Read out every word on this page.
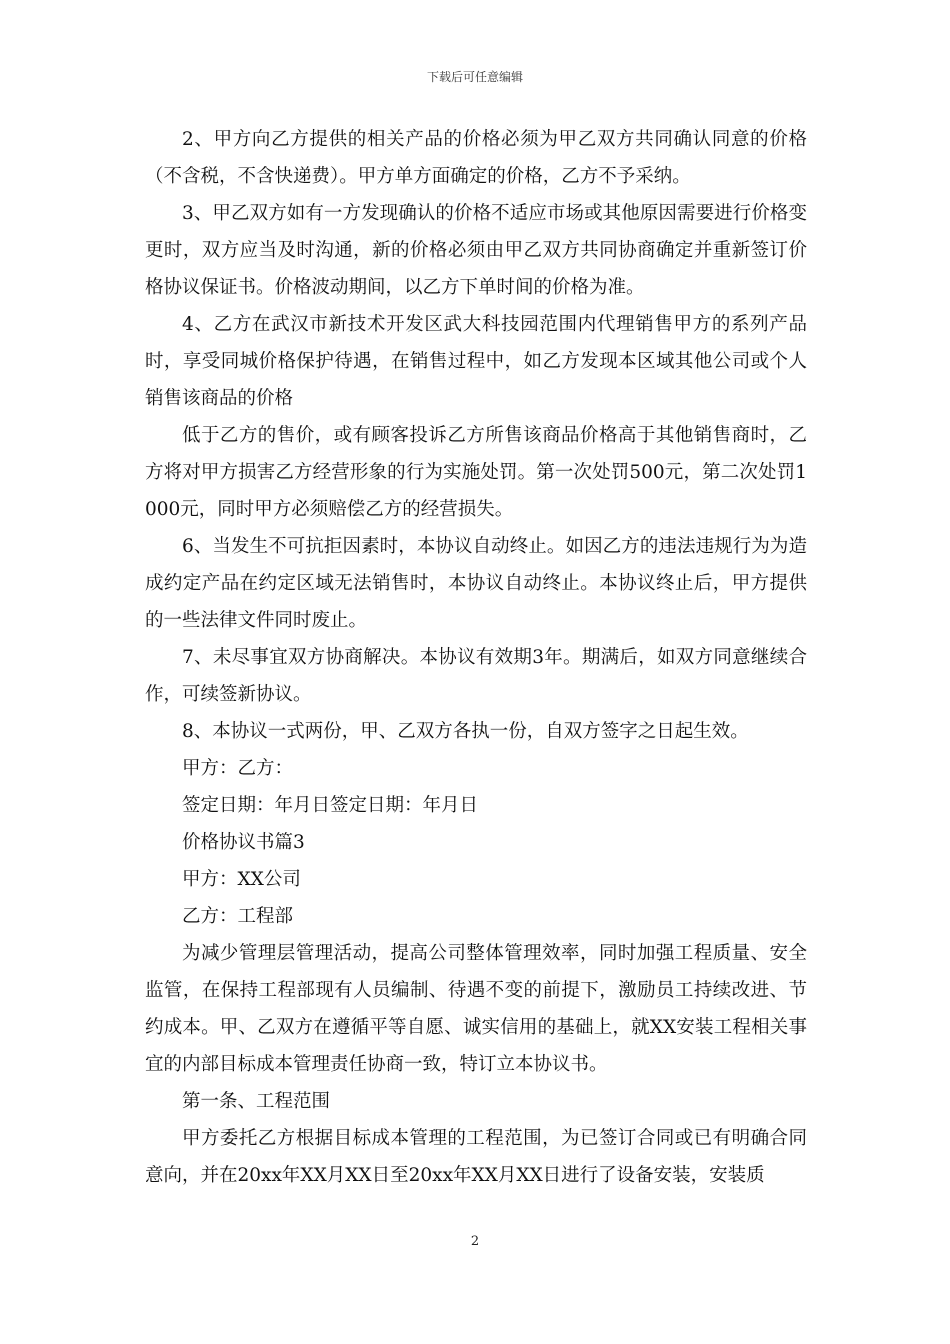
下载后可任意编辑

2、甲方向乙方提供的相关产品的价格必须为甲乙双方共同确认同意的价格（不含税，不含快递费）。甲方单方面确定的价格，乙方不予采纳。

3、甲乙双方如有一方发现确认的价格不适应市场或其他原因需要进行价格变更时，双方应当及时沟通，新的价格必须由甲乙双方共同协商确定并重新签订价格协议保证书。价格波动期间，以乙方下单时间的价格为准。

4、乙方在武汉市新技术开发区武大科技园范围内代理销售甲方的系列产品时，享受同城价格保护待遇，在销售过程中，如乙方发现本区域其他公司或个人销售该商品的价格

低于乙方的售价，或有顾客投诉乙方所售该商品价格高于其他销售商时，乙方将对甲方损害乙方经营形象的行为实施处罚。第一次处罚500元，第二次处罚1000元，同时甲方必须赔偿乙方的经营损失。

6、当发生不可抗拒因素时，本协议自动终止。如因乙方的违法违规行为为造成约定产品在约定区域无法销售时，本协议自动终止。本协议终止后，甲方提供的一些法律文件同时废止。

7、未尽事宜双方协商解决。本协议有效期3年。期满后，如双方同意继续合作，可续签新协议。

8、本协议一式两份，甲、乙双方各执一份，自双方签字之日起生效。

甲方：乙方：

签定日期：年月日签定日期：年月日

价格协议书篇3

甲方：XX公司

乙方：工程部

为减少管理层管理活动，提高公司整体管理效率，同时加强工程质量、安全监管，在保持工程部现有人员编制、待遇不变的前提下，激励员工持续改进、节约成本。甲、乙双方在遵循平等自愿、诚实信用的基础上，就XX安装工程相关事宜的内部目标成本管理责任协商一致，特订立本协议书。

第一条、工程范围

甲方委托乙方根据目标成本管理的工程范围，为已签订合同或已有明确合同意向，并在20xx年XX月XX日至20xx年XX月XX日进行了设备安装，安装质

2
